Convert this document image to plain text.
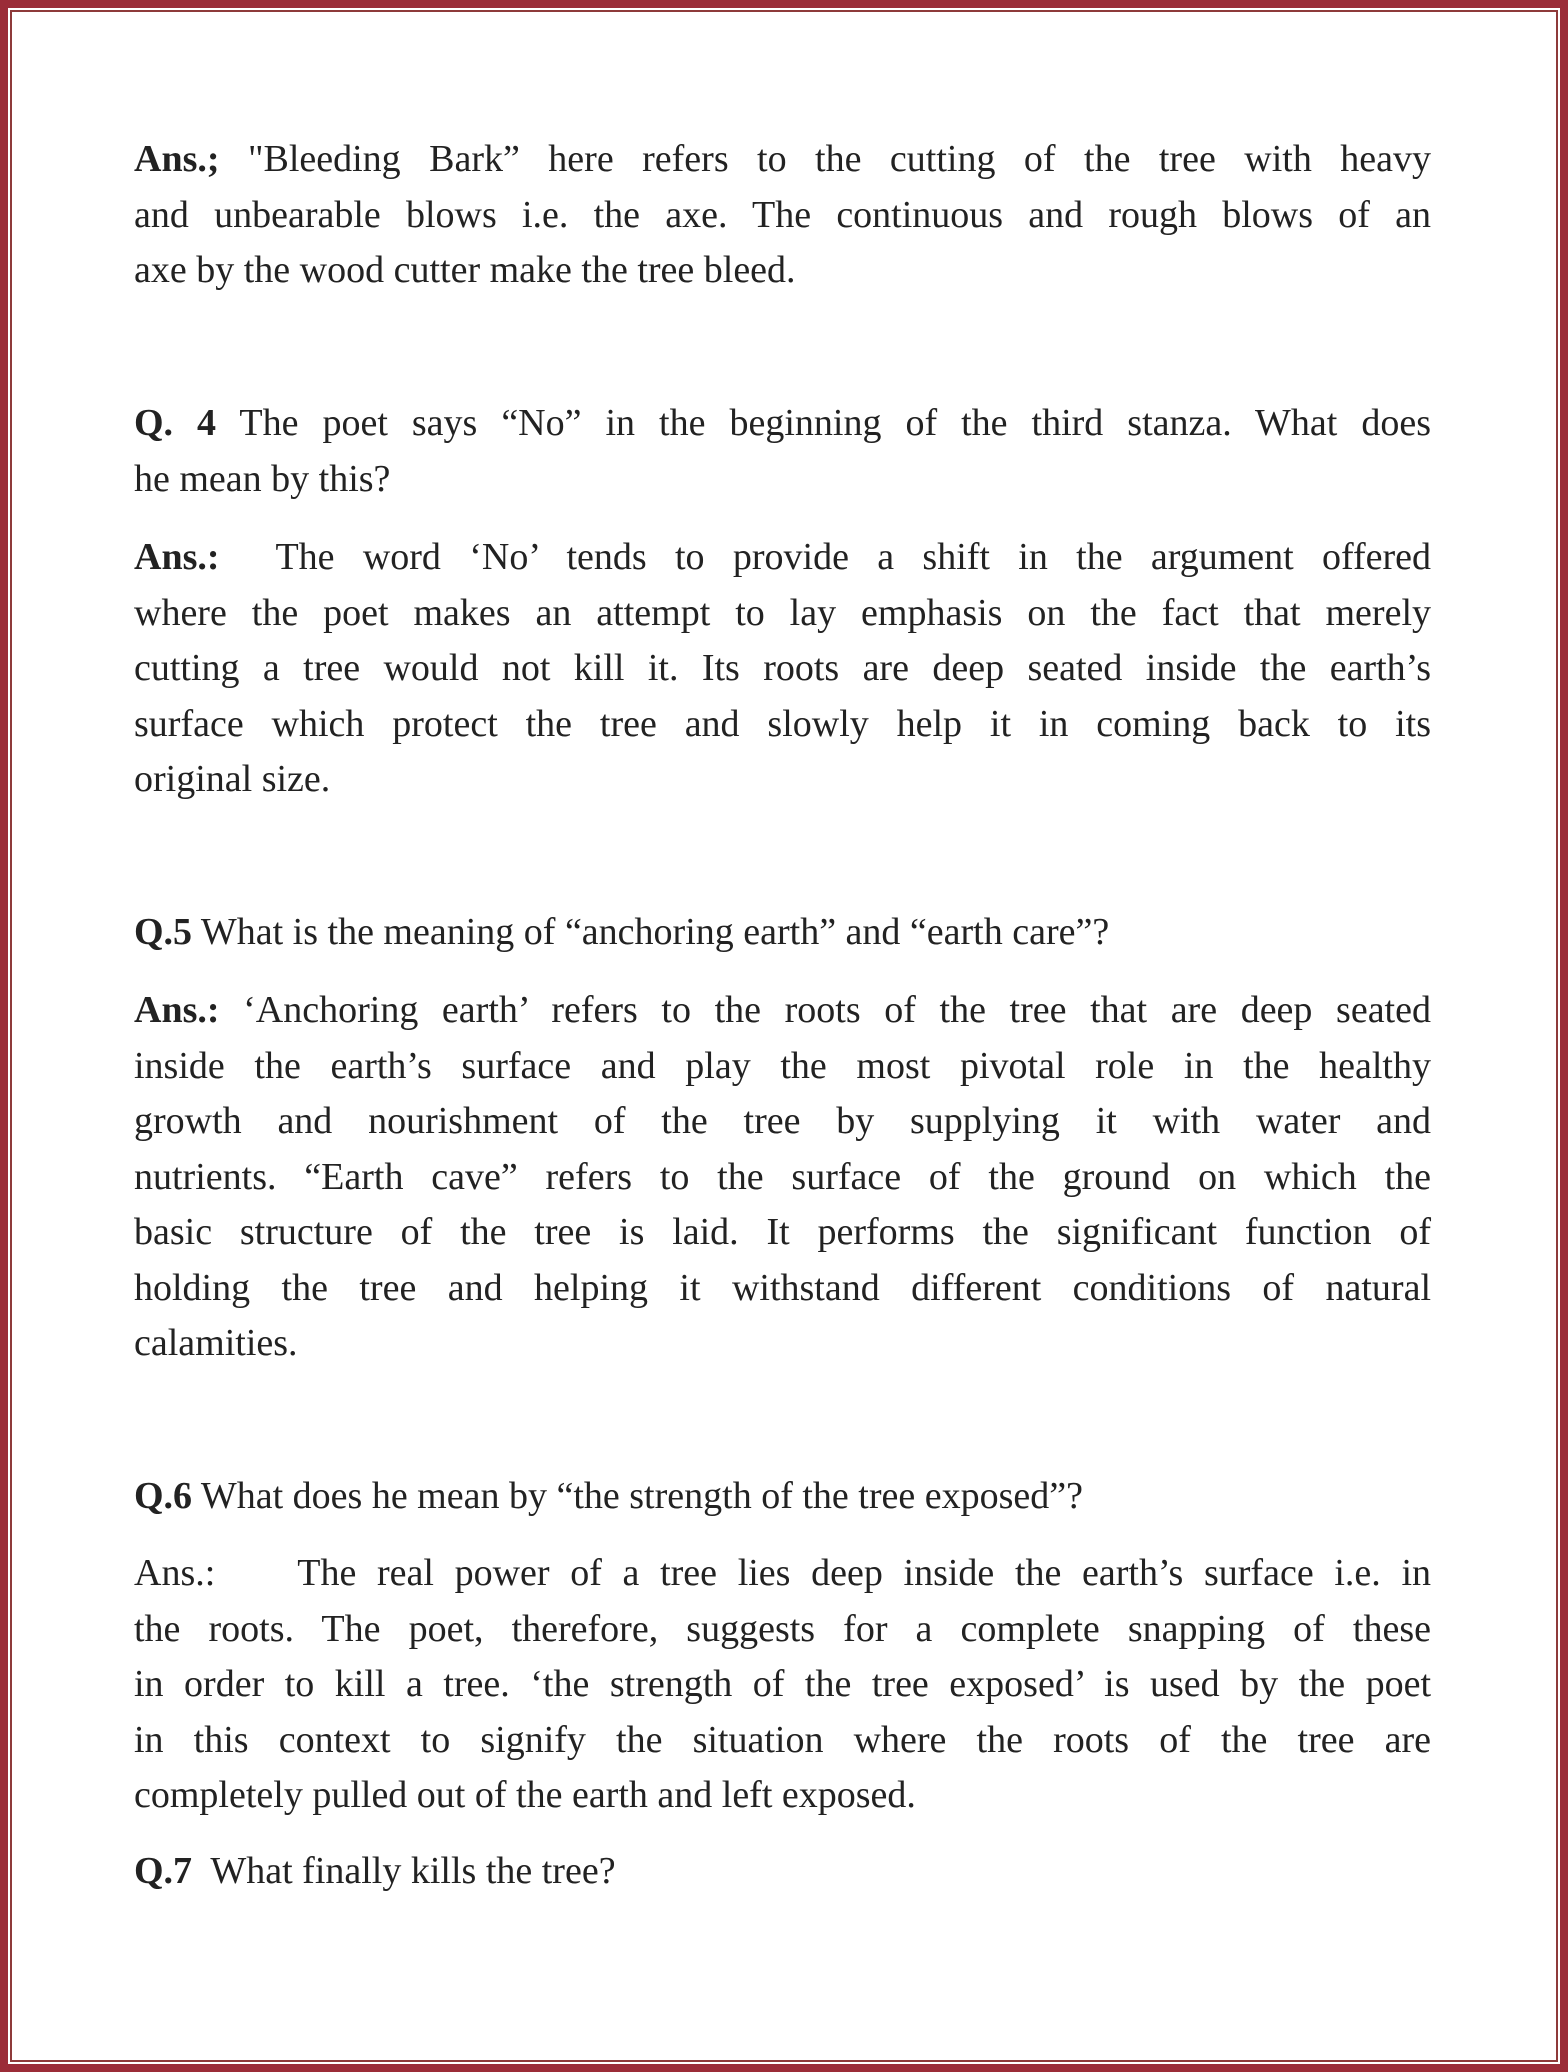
Ans.; "Bleeding Bark” here refers to the cutting of the tree with heavy
and unbearable blows i.e. the axe. The continuous and rough blows of an
axe by the wood cutter make the tree bleed.
Q. 4 The poet says “No” in the beginning of the third stanza. What does
he mean by this?
Ans.:  The word ‘No’ tends to provide a shift in the argument offered
where the poet makes an attempt to lay emphasis on the fact that merely
cutting a tree would not kill it. Its roots are deep seated inside the earth’s
surface which protect the tree and slowly help it in coming back to its
original size.
Q.5 What is the meaning of “anchoring earth” and “earth care”?
Ans.: ‘Anchoring earth’ refers to the roots of the tree that are deep seated
inside the earth’s surface and play the most pivotal role in the healthy
growth and nourishment of the tree by supplying it with water and
nutrients. “Earth cave” refers to the surface of the ground on which the
basic structure of the tree is laid. It performs the significant function of
holding the tree and helping it withstand different conditions of natural
calamities.
Q.6 What does he mean by “the strength of the tree exposed”?
Ans.:    The real power of a tree lies deep inside the earth’s surface i.e. in
the roots. The poet, therefore, suggests for a complete snapping of these
in order to kill a tree. ‘the strength of the tree exposed’ is used by the poet
in this context to signify the situation where the roots of the tree are
completely pulled out of the earth and left exposed.
Q.7  What finally kills the tree?
